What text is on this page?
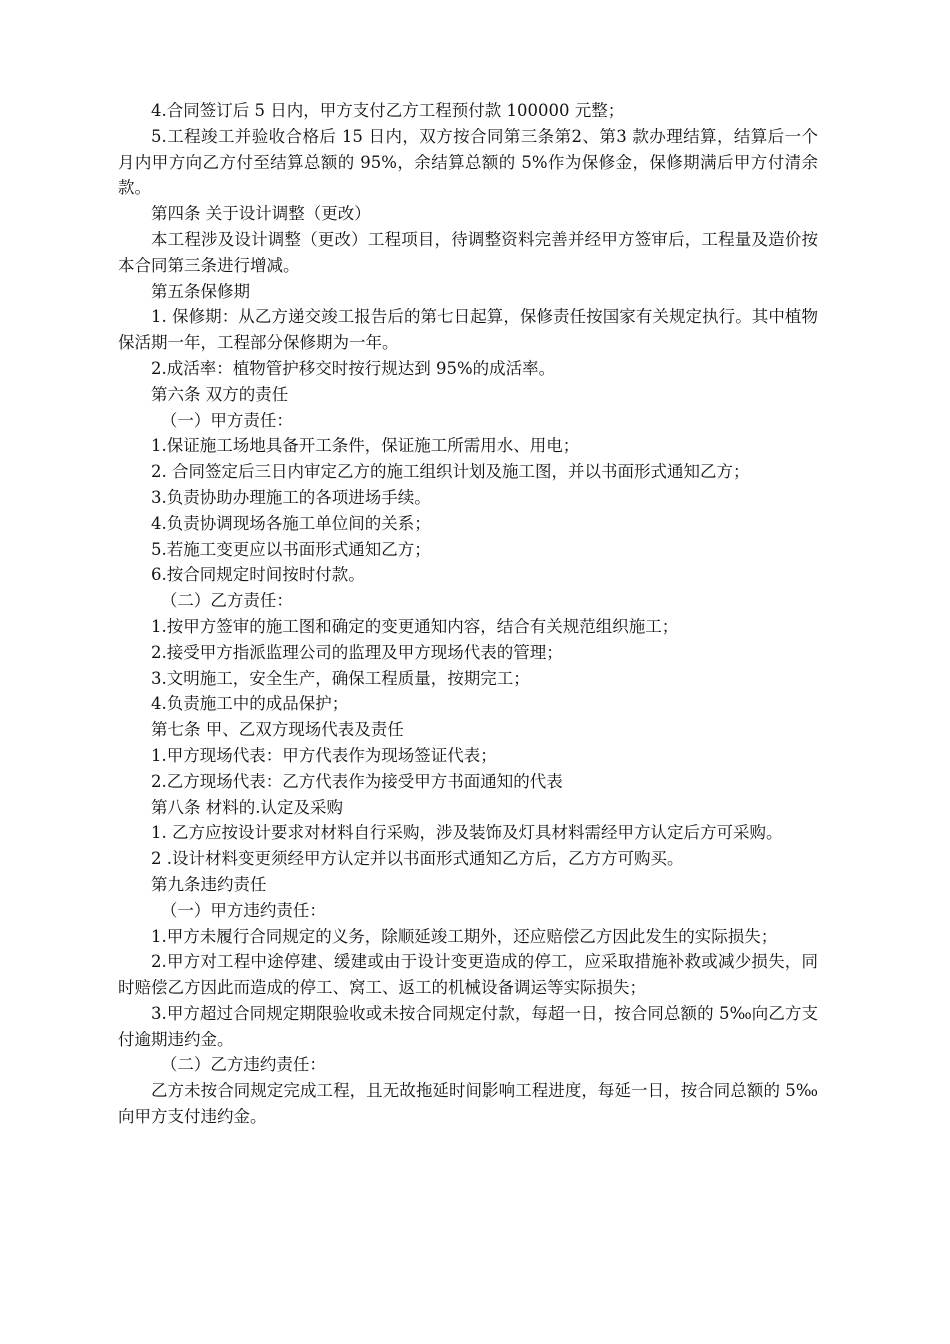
4.合同签订后 5 日内，甲方支付乙方工程预付款 100000 元整；

5.工程竣工并验收合格后 15 日内，双方按合同第三条第2、第3 款办理结算，结算后一个月内甲方向乙方付至结算总额的 95%，余结算总额的 5%作为保修金，保修期满后甲方付清余款。

第四条 关于设计调整（更改）

本工程涉及设计调整（更改）工程项目，待调整资料完善并经甲方签审后，工程量及造价按本合同第三条进行增减。

第五条保修期

1. 保修期：从乙方递交竣工报告后的第七日起算，保修责任按国家有关规定执行。其中植物保活期一年，工程部分保修期为一年。

2.成活率：植物管护移交时按行规达到 95%的成活率。

第六条 双方的责任

（一）甲方责任：

1.保证施工场地具备开工条件，保证施工所需用水、用电；

2. 合同签定后三日内审定乙方的施工组织计划及施工图，并以书面形式通知乙方；

3.负责协助办理施工的各项进场手续。

4.负责协调现场各施工单位间的关系；

5.若施工变更应以书面形式通知乙方；

6.按合同规定时间按时付款。

（二）乙方责任：

1.按甲方签审的施工图和确定的变更通知内容，结合有关规范组织施工；

2.接受甲方指派监理公司的监理及甲方现场代表的管理；

3.文明施工，安全生产，确保工程质量，按期完工；

4.负责施工中的成品保护；

第七条 甲、乙双方现场代表及责任

1.甲方现场代表：甲方代表作为现场签证代表；

2.乙方现场代表：乙方代表作为接受甲方书面通知的代表

第八条 材料的.认定及采购

1. 乙方应按设计要求对材料自行采购，涉及装饰及灯具材料需经甲方认定后方可采购。

2 .设计材料变更须经甲方认定并以书面形式通知乙方后，乙方方可购买。

第九条违约责任

（一）甲方违约责任：

1.甲方未履行合同规定的义务，除顺延竣工期外，还应赔偿乙方因此发生的实际损失；

2.甲方对工程中途停建、缓建或由于设计变更造成的停工，应采取措施补救或减少损失，同时赔偿乙方因此而造成的停工、窝工、返工的机械设备调运等实际损失；

3.甲方超过合同规定期限验收或未按合同规定付款，每超一日，按合同总额的 5‰向乙方支付逾期违约金。

（二）乙方违约责任：

乙方未按合同规定完成工程，且无故拖延时间影响工程进度，每延一日，按合同总额的 5‰向甲方支付违约金。
